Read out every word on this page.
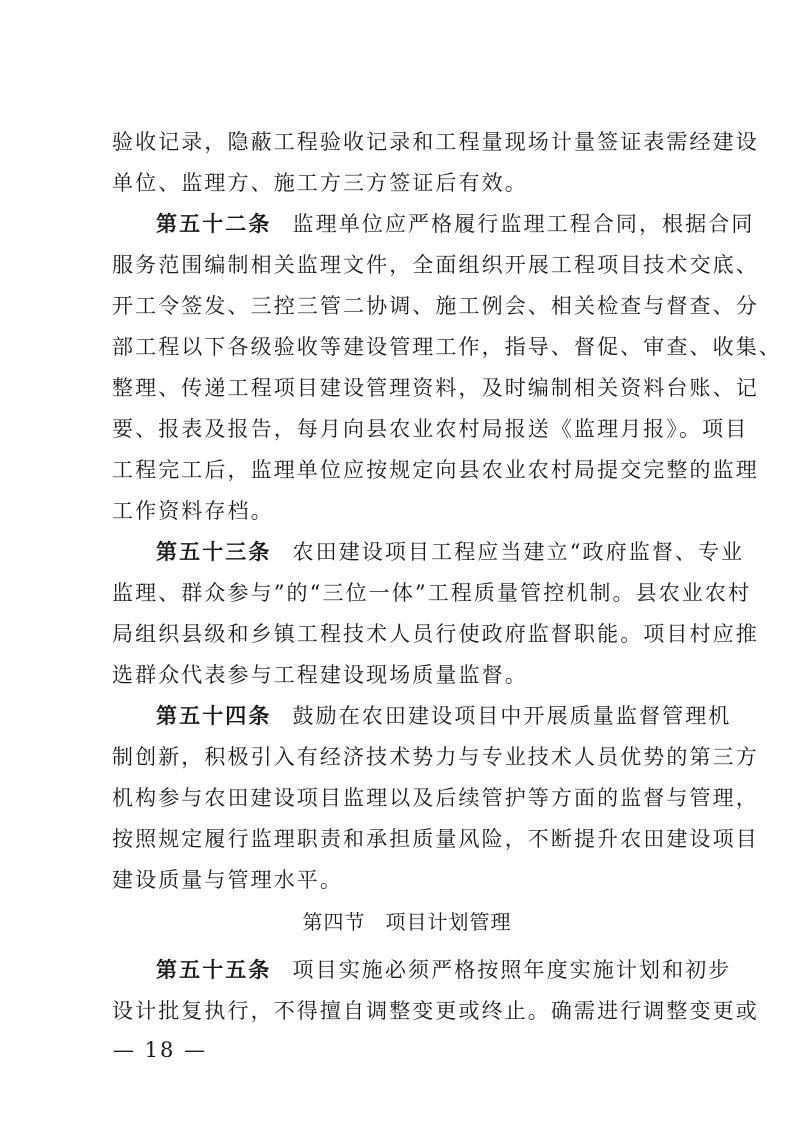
验收记录，隐蔽工程验收记录和工程量现场计量签证表需经建设
单位、监理方、施工方三方签证后有效。
第五十二条 监理单位应严格履行监理工程合同，根据合同
服务范围编制相关监理文件，全面组织开展工程项目技术交底、
开工令签发、三控三管二协调、施工例会、相关检查与督查、分
部工程以下各级验收等建设管理工作，指导、督促、审查、收集、
整理、传递工程项目建设管理资料，及时编制相关资料台账、记
要、报表及报告，每月向县农业农村局报送《监理月报》。项目
工程完工后，监理单位应按规定向县农业农村局提交完整的监理
工作资料存档。
第五十三条 农田建设项目工程应当建立“政府监督、专业
监理、群众参与”的“三位一体”工程质量管控机制。县农业农村
局组织县级和乡镇工程技术人员行使政府监督职能。项目村应推
选群众代表参与工程建设现场质量监督。
第五十四条 鼓励在农田建设项目中开展质量监督管理机
制创新，积极引入有经济技术势力与专业技术人员优势的第三方
机构参与农田建设项目监理以及后续管护等方面的监督与管理，
按照规定履行监理职责和承担质量风险，不断提升农田建设项目
建设质量与管理水平。
第四节 项目计划管理
第五十五条 项目实施必须严格按照年度实施计划和初步
设计批复执行，不得擅自调整变更或终止。确需进行调整变更或
— 18 —
